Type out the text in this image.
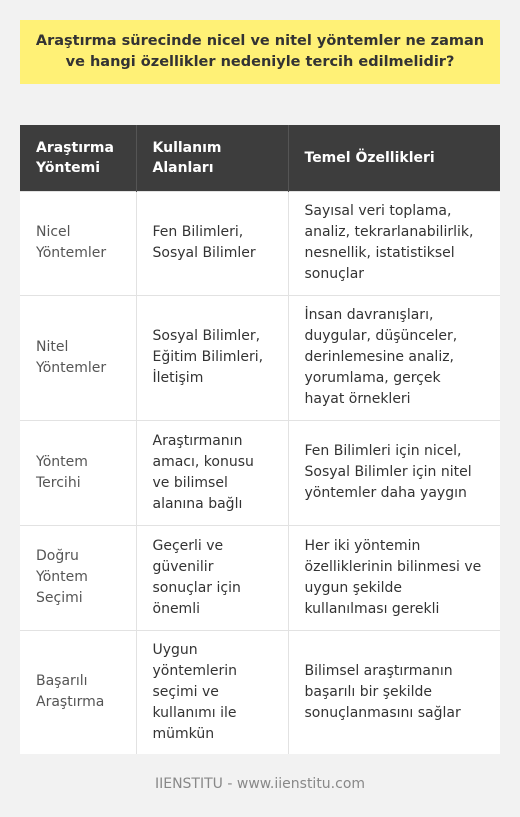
Araştırma sürecinde nicel ve nitel yöntemler ne zaman ve hangi özellikler nedeniyle tercih edilmelidir?
Araştırma Yöntemi	Kullanım Alanları	Temel Özellikleri
Nicel Yöntemler	Fen Bilimleri, Sosyal Bilimler	Sayısal veri toplama, analiz, tekrarlanabilirlik, nesnellik, istatistiksel sonuçlar
Nitel Yöntemler	Sosyal Bilimler, Eğitim Bilimleri, İletişim	İnsan davranışları, duygular, düşünceler, derinlemesine analiz, yorumlama, gerçek hayat örnekleri
Yöntem Tercihi	Araştırmanın amacı, konusu ve bilimsel alanına bağlı	Fen Bilimleri için nicel, Sosyal Bilimler için nitel yöntemler daha yaygın
Doğru Yöntem Seçimi	Geçerli ve güvenilir sonuçlar için önemli	Her iki yöntemin özelliklerinin bilinmesi ve uygun şekilde kullanılması gerekli
Başarılı Araştırma	Uygun yöntemlerin seçimi ve kullanımı ile mümkün	Bilimsel araştırmanın başarılı bir şekilde sonuçlanmasını sağlar
IIENSTITU - www.iienstitu.com
